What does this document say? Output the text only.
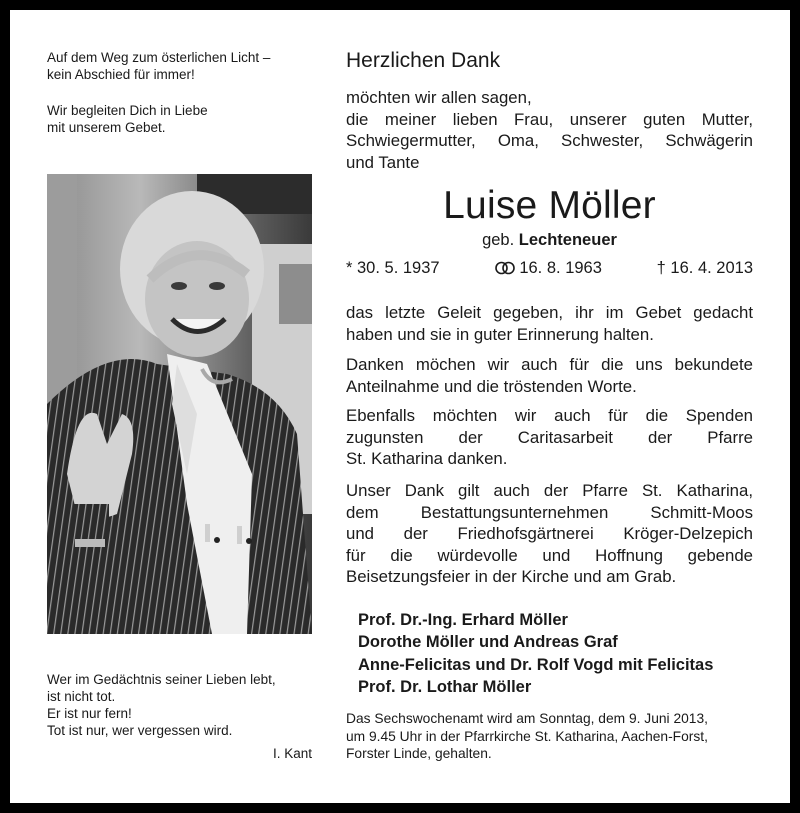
Auf dem Weg zum österlichen Licht –
kein Abschied für immer!
Wir begleiten Dich in Liebe
mit unserem Gebet.
Wer im Gedächtnis seiner Lieben lebt,
ist nicht tot.
Er ist nur fern!
Tot ist nur, wer vergessen wird.
I. Kant
Herzlichen Dank
möchten wir allen sagen,
die meiner lieben Frau, unserer guten Mutter,
Schwiegermutter, Oma, Schwester, Schwägerin
und Tante
Luise Möller
geb. Lechteneuer
* 30. 5. 1937	16. 8. 1963	† 16. 4. 2013
das letzte Geleit gegeben, ihr im Gebet gedacht
haben und sie in guter Erinnerung halten.
Danken möchen wir auch für die uns bekundete
Anteilnahme und die tröstenden Worte.
Ebenfalls möchten wir auch für die Spenden
zugunsten der Caritasarbeit der Pfarre
St. Katharina danken.
Unser Dank gilt auch der Pfarre St. Katharina,
dem Bestattungsunternehmen Schmitt-Moos
und der Friedhofsgärtnerei Kröger-Delzepich
für die würdevolle und Hoffnung gebende
Beisetzungsfeier in der Kirche und am Grab.
Prof. Dr.-Ing. Erhard Möller
Dorothe Möller und Andreas Graf
Anne-Felicitas und Dr. Rolf Vogd mit Felicitas
Prof. Dr. Lothar Möller
Das Sechswochenamt wird am Sonntag, dem 9. Juni 2013,
um 9.45 Uhr in der Pfarrkirche St. Katharina, Aachen-Forst,
Forster Linde, gehalten.
